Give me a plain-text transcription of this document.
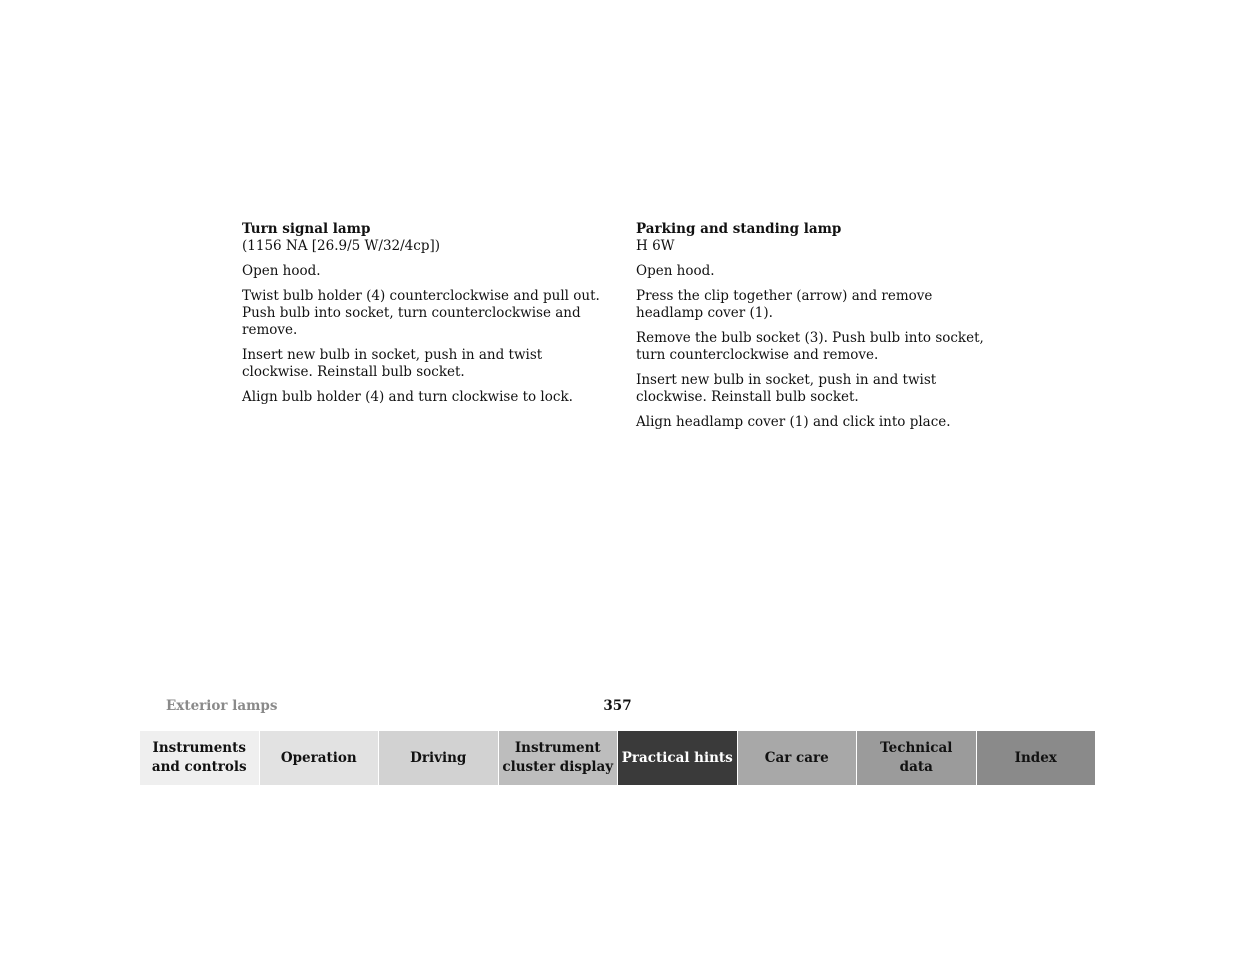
Turn signal lamp
(1156 NA [26.9/5 W/32/4cp])

Open hood.

Twist bulb holder (4) counterclockwise and pull out. Push bulb into socket, turn counterclockwise and remove.

Insert new bulb in socket, push in and twist clockwise. Reinstall bulb socket.

Align bulb holder (4) and turn clockwise to lock.

Parking and standing lamp
H 6W

Open hood.

Press the clip together (arrow) and remove headlamp cover (1).

Remove the bulb socket (3). Push bulb into socket, turn counterclockwise and remove.

Insert new bulb in socket, push in and twist clockwise. Reinstall bulb socket.

Align headlamp cover (1) and click into place.

Exterior lamps	357
Instruments
and controls
Operation	Driving
Instrument
cluster display
Practical hints	Car care
Technical
data
Index
